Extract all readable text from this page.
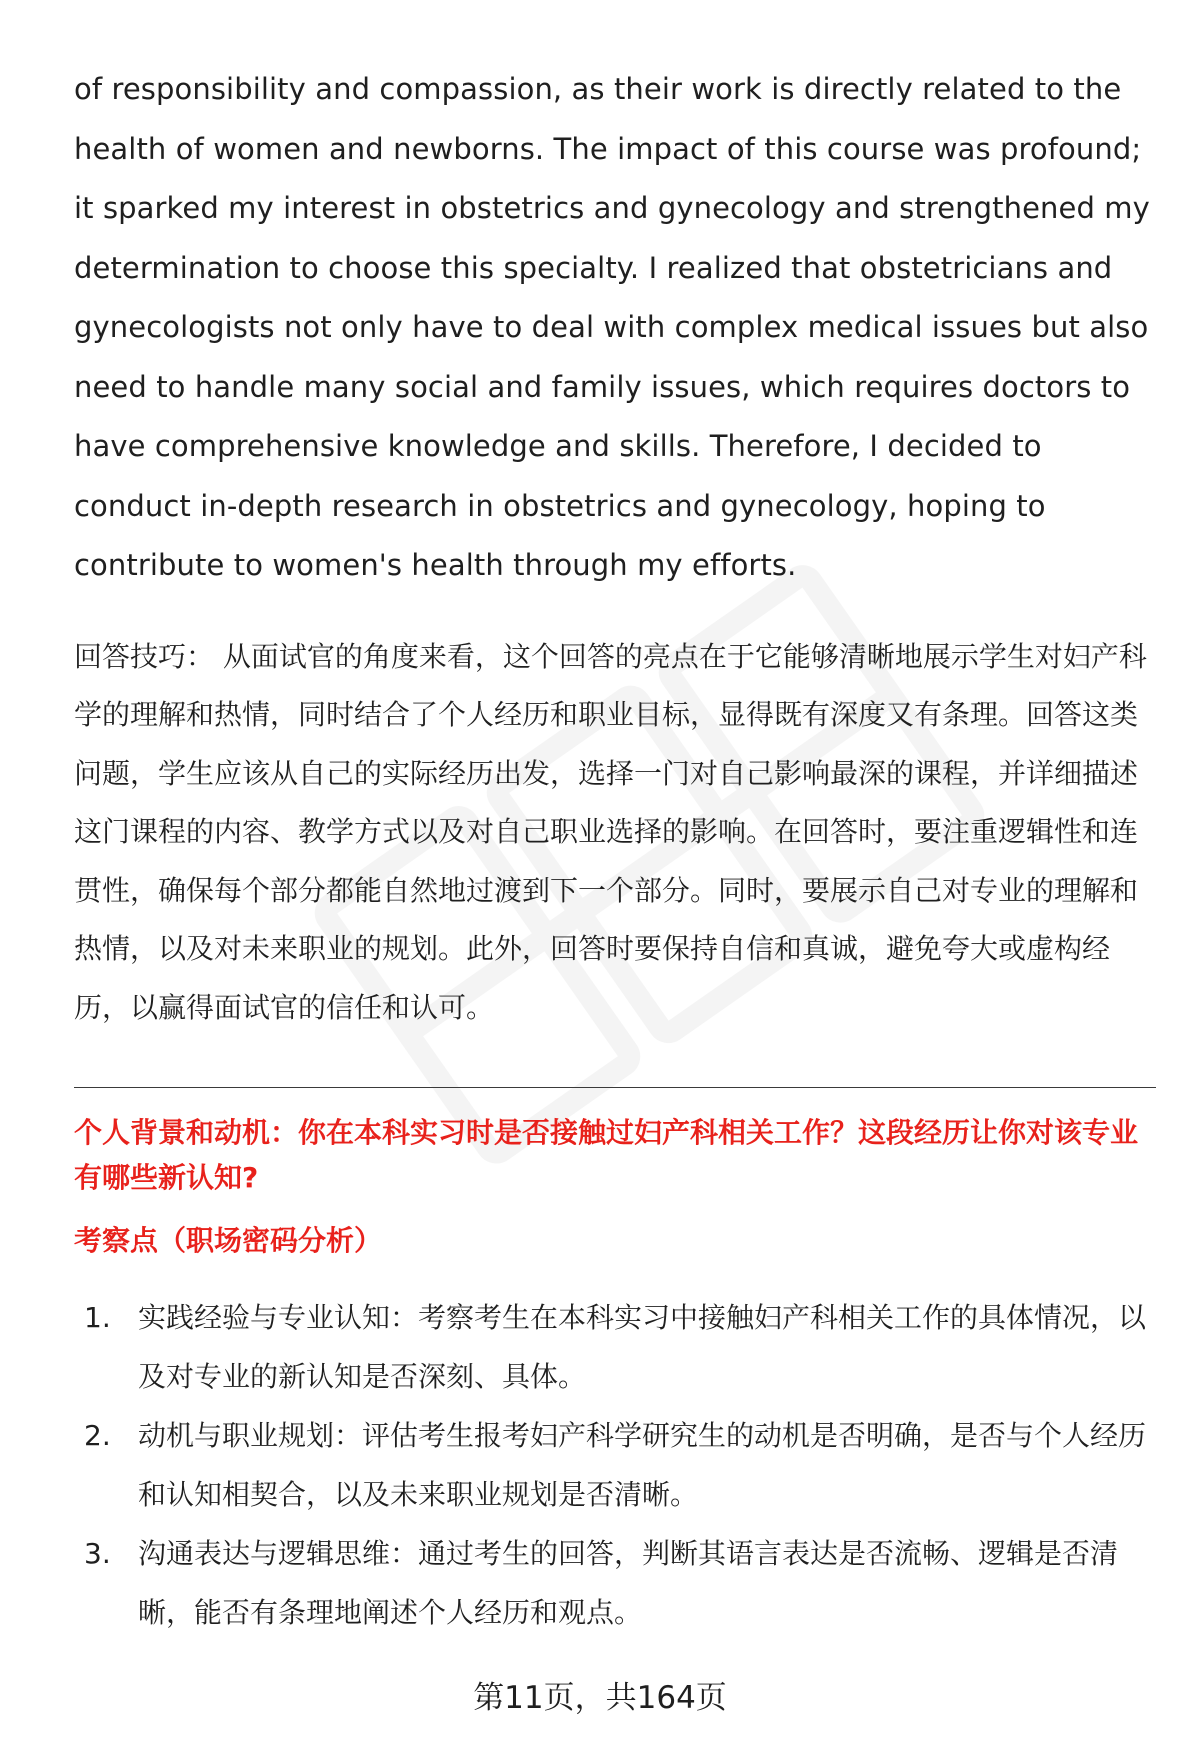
of responsibility and compassion, as their work is directly related to the health of women and newborns. The impact of this course was profound; it sparked my interest in obstetrics and gynecology and strengthened my determination to choose this specialty. I realized that obstetricians and gynecologists not only have to deal with complex medical issues but also need to handle many social and family issues, which requires doctors to have comprehensive knowledge and skills. Therefore, I decided to conduct in-depth research in obstetrics and gynecology, hoping to contribute to women's health through my efforts.

回答技巧： 从面试官的角度来看，这个回答的亮点在于它能够清晰地展示学生对妇产科学的理解和热情，同时结合了个人经历和职业目标，显得既有深度又有条理。回答这类问题，学生应该从自己的实际经历出发，选择一门对自己影响最深的课程，并详细描述这门课程的内容、教学方式以及对自己职业选择的影响。在回答时，要注重逻辑性和连贯性，确保每个部分都能自然地过渡到下一个部分。同时，要展示自己对专业的理解和热情，以及对未来职业的规划。此外，回答时要保持自信和真诚，避免夸大或虚构经历，以赢得面试官的信任和认可。

个人背景和动机：你在本科实习时是否接触过妇产科相关工作？这段经历让你对该专业有哪些新认知?

考察点（职场密码分析）

1. 实践经验与专业认知：考察考生在本科实习中接触妇产科相关工作的具体情况，以及对专业的新认知是否深刻、具体。
2. 动机与职业规划：评估考生报考妇产科学研究生的动机是否明确，是否与个人经历和认知相契合，以及未来职业规划是否清晰。
3. 沟通表达与逻辑思维：通过考生的回答，判断其语言表达是否流畅、逻辑是否清晰，能否有条理地阐述个人经历和观点。
第11页，共164页
